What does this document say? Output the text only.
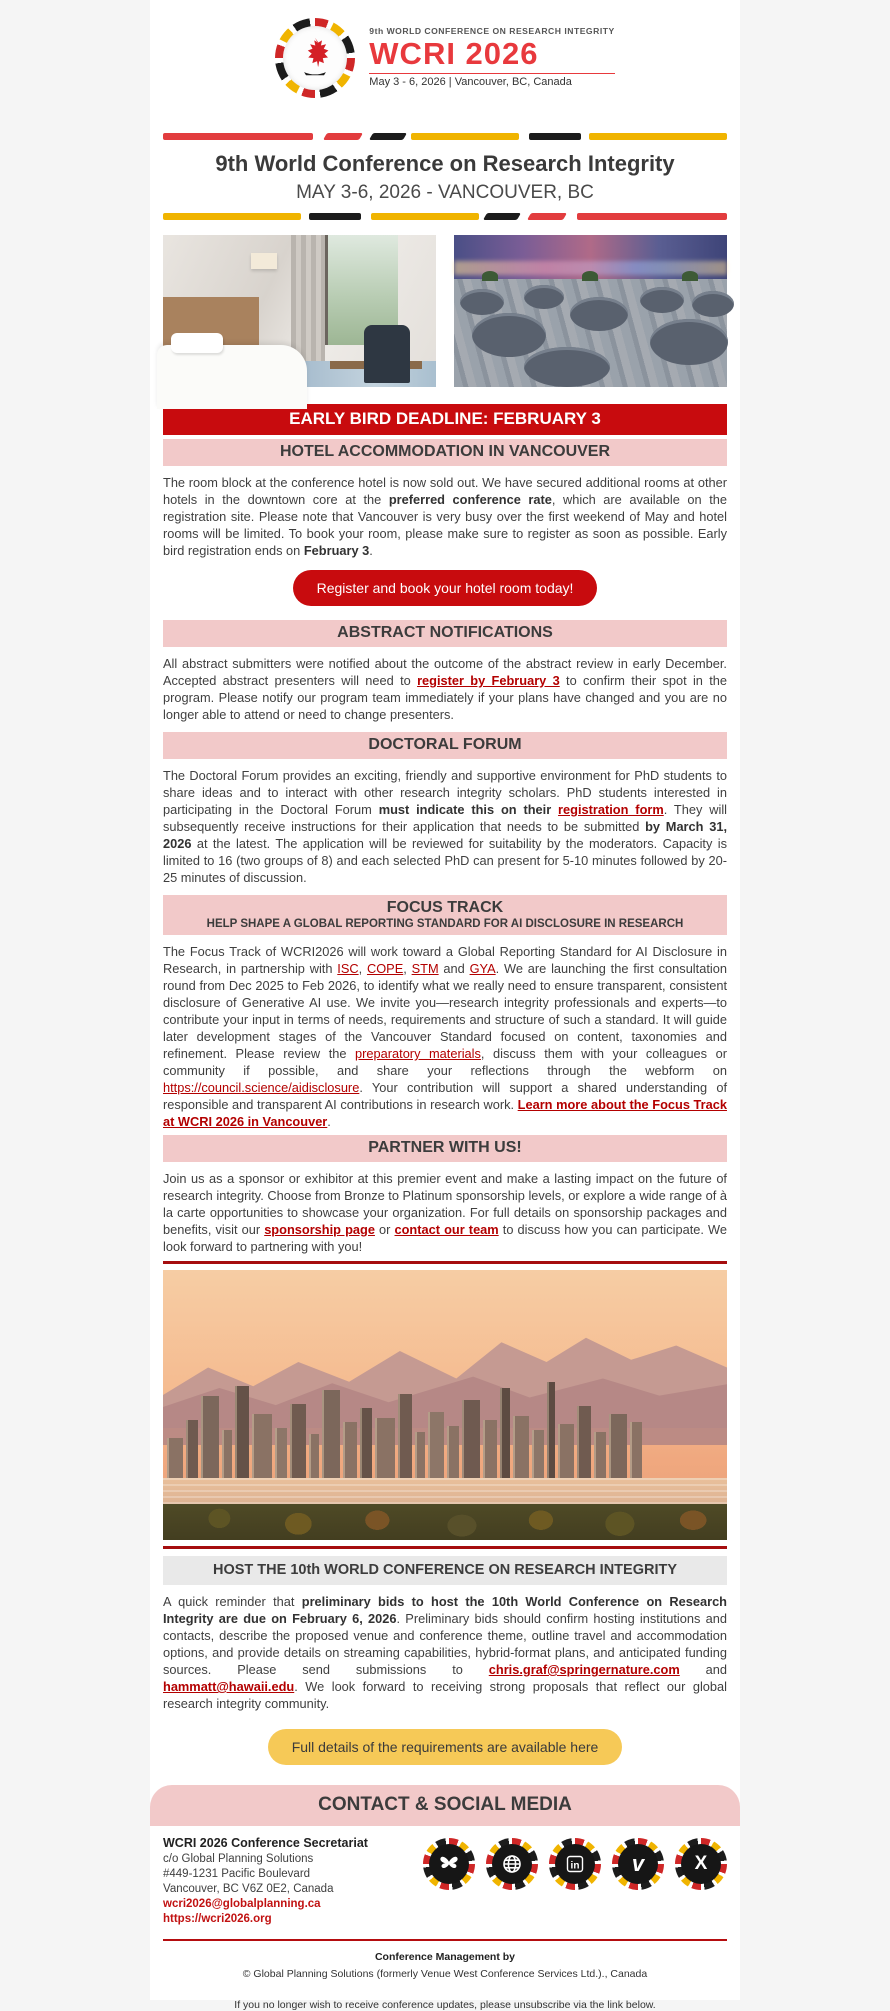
9th WORLD CONFERENCE ON RESEARCH INTEGRITY
WCRI 2026
May 3 - 6, 2026 | Vancouver, BC, Canada
9th World Conference on Research Integrity
MAY 3-6, 2026 - VANCOUVER, BC
EARLY BIRD DEADLINE: FEBRUARY 3
HOTEL ACCOMMODATION IN VANCOUVER
The room block at the conference hotel is now sold out. We have secured additional rooms at other hotels in the downtown core at the preferred conference rate, which are available on the registration site. Please note that Vancouver is very busy over the first weekend of May and hotel rooms will be limited. To book your room, please make sure to register as soon as possible. Early bird registration ends on February 3.
Register and book your hotel room today!
ABSTRACT NOTIFICATIONS
All abstract submitters were notified about the outcome of the abstract review in early December. Accepted abstract presenters will need to register by February 3 to confirm their spot in the program. Please notify our program team immediately if your plans have changed and you are no longer able to attend or need to change presenters.
DOCTORAL FORUM
The Doctoral Forum provides an exciting, friendly and supportive environment for PhD students to share ideas and to interact with other research integrity scholars. PhD students interested in participating in the Doctoral Forum must indicate this on their registration form. They will subsequently receive instructions for their application that needs to be submitted by March 31, 2026 at the latest. The application will be reviewed for suitability by the moderators. Capacity is limited to 16 (two groups of 8) and each selected PhD can present for 5-10 minutes followed by 20-25 minutes of discussion.
FOCUS TRACK
HELP SHAPE A GLOBAL REPORTING STANDARD FOR AI DISCLOSURE IN RESEARCH
The Focus Track of WCRI2026 will work toward a Global Reporting Standard for AI Disclosure in Research, in partnership with ISC, COPE, STM and GYA. We are launching the first consultation round from Dec 2025 to Feb 2026, to identify what we really need to ensure transparent, consistent disclosure of Generative AI use. We invite you—research integrity professionals and experts—to contribute your input in terms of needs, requirements and structure of such a standard. It will guide later development stages of the Vancouver Standard focused on content, taxonomies and refinement. Please review the preparatory materials, discuss them with your colleagues or community if possible, and share your reflections through the webform on https://council.science/aidisclosure. Your contribution will support a shared understanding of responsible and transparent AI contributions in research work. Learn more about the Focus Track at WCRI 2026 in Vancouver.
PARTNER WITH US!
Join us as a sponsor or exhibitor at this premier event and make a lasting impact on the future of research integrity. Choose from Bronze to Platinum sponsorship levels, or explore a wide range of à la carte opportunities to showcase your organization. For full details on sponsorship packages and benefits, visit our sponsorship page or contact our team to discuss how you can participate. We look forward to partnering with you!
HOST THE 10th WORLD CONFERENCE ON RESEARCH INTEGRITY
A quick reminder that preliminary bids to host the 10th World Conference on Research Integrity are due on February 6, 2026. Preliminary bids should confirm hosting institutions and contacts, describe the proposed venue and conference theme, outline travel and accommodation options, and provide details on streaming capabilities, hybrid-format plans, and anticipated funding sources. Please send submissions to chris.graf@springernature.com and hammatt@hawaii.edu. We look forward to receiving strong proposals that reflect our global research integrity community.
Full details of the requirements are available here
CONTACT & SOCIAL MEDIA
WCRI 2026 Conference Secretariat
c/o Global Planning Solutions
#449-1231 Pacific Boulevard
Vancouver, BC V6Z 0E2, Canada
wcri2026@globalplanning.ca
https://wcri2026.org
in v	X
Conference Management by
© Global Planning Solutions (formerly Venue West Conference Services Ltd.)., Canada
If you no longer wish to receive conference updates, please unsubscribe via the link below.
